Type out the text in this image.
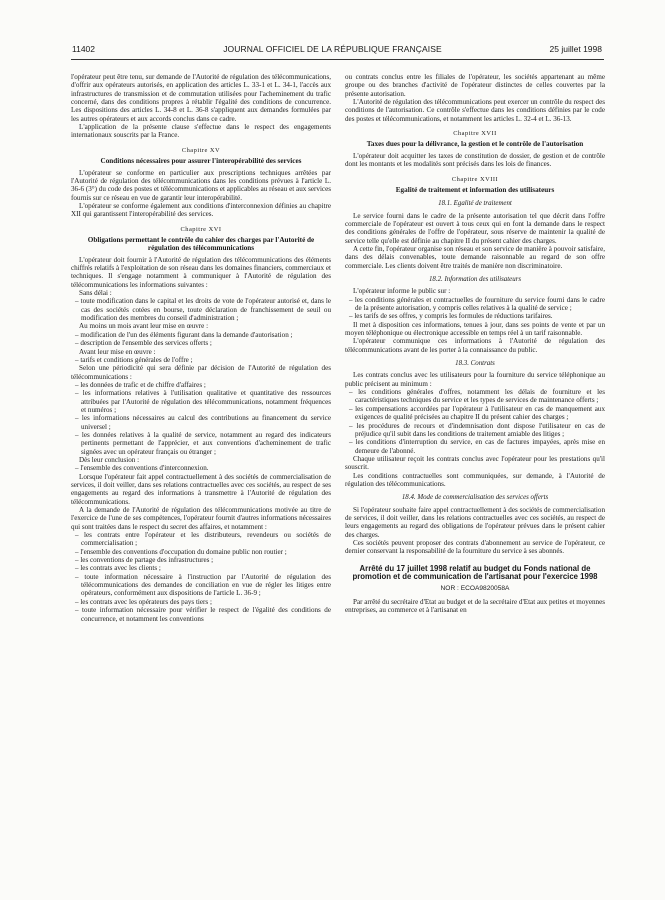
11402	JOURNAL OFFICIEL DE LA RÉPUBLIQUE FRANÇAISE	25 juillet 1998

l'opérateur peut être tenu, sur demande de l'Autorité de régulation des télécommunications, d'offrir aux opérateurs autorisés, en application des articles L. 33-1 et L. 34-1, l'accès aux infrastructures de transmission et de commutation utilisées pour l'acheminement du trafic concerné, dans des conditions propres à rétablir l'égalité des conditions de concurrence. Les dispositions des articles L. 34-8 et L. 36-8 s'appliquent aux demandes formulées par les autres opérateurs et aux accords conclus dans ce cadre.

L'application de la présente clause s'effectue dans le respect des engagements internationaux souscrits par la France.

Chapitre XV
Conditions nécessaires pour assurer l'interopérabilité des services

L'opérateur se conforme en particulier aux prescriptions techniques arrêtées par l'Autorité de régulation des télécommunications dans les conditions prévues à l'article L. 36-6 (3°) du code des postes et télécommunications et applicables au réseau et aux services fournis sur ce réseau en vue de garantir leur interopérabilité.

L'opérateur se conforme également aux conditions d'interconnexion définies au chapitre XII qui garantissent l'interopérabilité des services.

Chapitre XVI
Obligations permettant le contrôle du cahier des charges par l'Autorité de régulation des télécommunications

L'opérateur doit fournir à l'Autorité de régulation des télécommunications des éléments chiffrés relatifs à l'exploitation de son réseau dans les domaines financiers, commerciaux et techniques. Il s'engage notamment à communiquer à l'Autorité de régulation des télécommunications les informations suivantes :

Sans délai :

– toute modification dans le capital et les droits de vote de l'opérateur autorisé et, dans le cas des sociétés cotées en bourse, toute déclaration de franchissement de seuil ou modification des membres du conseil d'administration ;

Au moins un mois avant leur mise en œuvre :

– modification de l'un des éléments figurant dans la demande d'autorisation ;

– description de l'ensemble des services offerts ;

Avant leur mise en œuvre :

– tarifs et conditions générales de l'offre ;

Selon une périodicité qui sera définie par décision de l'Autorité de régulation des télécommunications :

– les données de trafic et de chiffre d'affaires ;

– les informations relatives à l'utilisation qualitative et quantitative des ressources attribuées par l'Autorité de régulation des télécommunications, notamment fréquences et numéros ;

– les informations nécessaires au calcul des contributions au financement du service universel ;

– les données relatives à la qualité de service, notamment au regard des indicateurs pertinents permettant de l'apprécier, et aux conventions d'acheminement de trafic signées avec un opérateur français ou étranger ;

Dès leur conclusion :

– l'ensemble des conventions d'interconnexion.

Lorsque l'opérateur fait appel contractuellement à des sociétés de commercialisation de services, il doit veiller, dans ses relations contractuelles avec ces sociétés, au respect de ses engagements au regard des informations à transmettre à l'Autorité de régulation des télécommunications.

A la demande de l'Autorité de régulation des télécommunications motivée au titre de l'exercice de l'une de ses compétences, l'opérateur fournit d'autres informations nécessaires qui sont traitées dans le respect du secret des affaires, et notamment :

– les contrats entre l'opérateur et les distributeurs, revendeurs ou sociétés de commercialisation ;

– l'ensemble des conventions d'occupation du domaine public non routier ;

– les conventions de partage des infrastructures ;

– les contrats avec les clients ;

– toute information nécessaire à l'instruction par l'Autorité de régulation des télécommunications des demandes de conciliation en vue de régler les litiges entre opérateurs, conformément aux dispositions de l'article L. 36-9 ;

– les contrats avec les opérateurs des pays tiers ;

– toute information nécessaire pour vérifier le respect de l'égalité des conditions de concurrence, et notamment les conventions

ou contrats conclus entre les filiales de l'opérateur, les sociétés appartenant au même groupe ou des branches d'activité de l'opérateur distinctes de celles couvertes par la présente autorisation.

L'Autorité de régulation des télécommunications peut exercer un contrôle du respect des conditions de l'autorisation. Ce contrôle s'effectue dans les conditions définies par le code des postes et télécommunications, et notamment les articles L. 32-4 et L. 36-13.

Chapitre XVII
Taxes dues pour la délivrance, la gestion et le contrôle de l'autorisation

L'opérateur doit acquitter les taxes de constitution de dossier, de gestion et de contrôle dont les montants et les modalités sont précisés dans les lois de finances.

Chapitre XVIII
Egalité de traitement et information des utilisateurs
18.1. Egalité de traitement

Le service fourni dans le cadre de la présente autorisation tel que décrit dans l'offre commerciale de l'opérateur est ouvert à tous ceux qui en font la demande dans le respect des conditions générales de l'offre de l'opérateur, sous réserve de maintenir la qualité de service telle qu'elle est définie au chapitre II du présent cahier des charges.

A cette fin, l'opérateur organise son réseau et son service de manière à pouvoir satisfaire, dans des délais convenables, toute demande raisonnable au regard de son offre commerciale. Les clients doivent être traités de manière non discriminatoire.

18.2. Information des utilisateurs

L'opérateur informe le public sur :

– les conditions générales et contractuelles de fourniture du service fourni dans le cadre de la présente autorisation, y compris celles relatives à la qualité de service ;

– les tarifs de ses offres, y compris les formules de réductions tarifaires.

Il met à disposition ces informations, tenues à jour, dans ses points de vente et par un moyen téléphonique ou électronique accessible en temps réel à un tarif raisonnable.

L'opérateur communique ces informations à l'Autorité de régulation des télécommunications avant de les porter à la connaissance du public.

18.3. Contrats

Les contrats conclus avec les utilisateurs pour la fourniture du service téléphonique au public précisent au minimum :

– les conditions générales d'offres, notamment les délais de fourniture et les caractéristiques techniques du service et les types de services de maintenance offerts ;

– les compensations accordées par l'opérateur à l'utilisateur en cas de manquement aux exigences de qualité précisées au chapitre II du présent cahier des charges ;

– les procédures de recours et d'indemnisation dont dispose l'utilisateur en cas de préjudice qu'il subit dans les conditions de traitement amiable des litiges ;

– les conditions d'interruption du service, en cas de factures impayées, après mise en demeure de l'abonné.

Chaque utilisateur reçoit les contrats conclus avec l'opérateur pour les prestations qu'il souscrit.

Les conditions contractuelles sont communiquées, sur demande, à l'Autorité de régulation des télécommunications.

18.4. Mode de commercialisation des services offerts

Si l'opérateur souhaite faire appel contractuellement à des sociétés de commercialisation de services, il doit veiller, dans les relations contractuelles avec ces sociétés, au respect de leurs engagements au regard des obligations de l'opérateur prévues dans le présent cahier des charges.

Ces sociétés peuvent proposer des contrats d'abonnement au service de l'opérateur, ce dernier conservant la responsabilité de la fourniture du service à ses abonnés.

Arrêté du 17 juillet 1998 relatif au budget du Fonds national de promotion et de communication de l'artisanat pour l'exercice 1998
NOR : ECOA9820058A

Par arrêté du secrétaire d'Etat au budget et de la secrétaire d'Etat aux petites et moyennes entreprises, au commerce et à l'artisanat en
